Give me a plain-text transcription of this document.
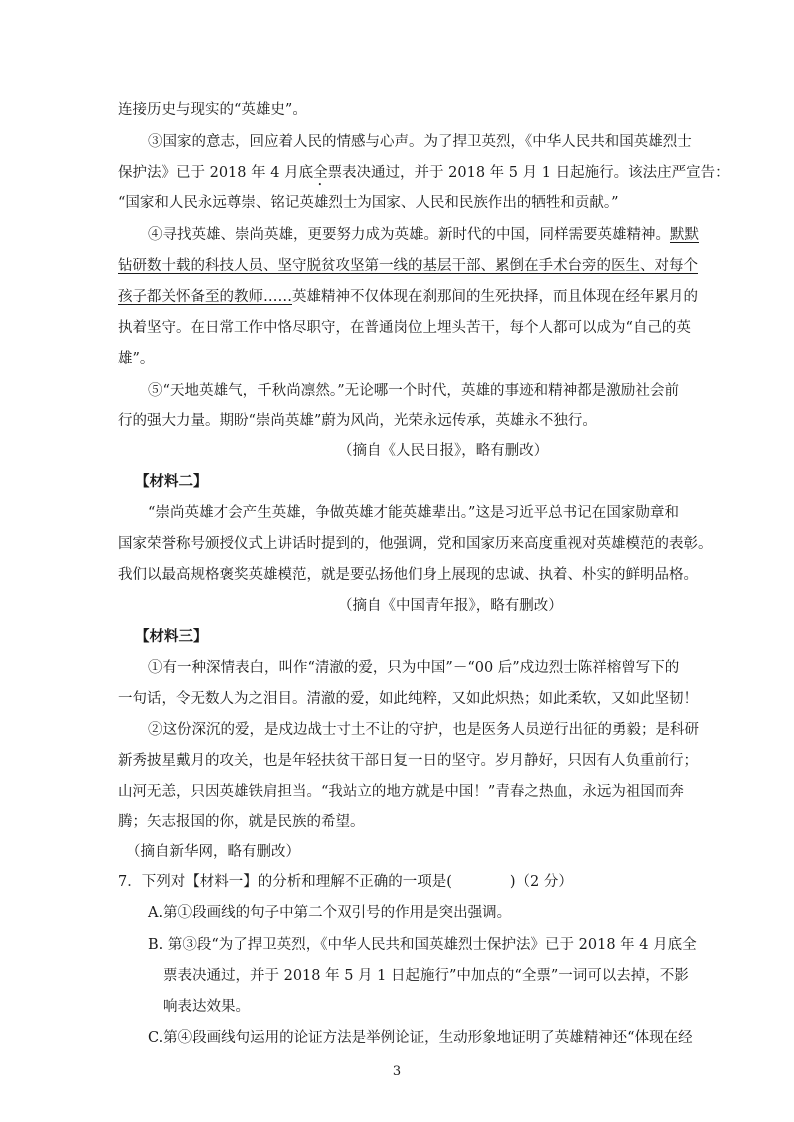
连接历史与现实的“英雄史”。
③国家的意志，回应着人民的情感与心声。为了捍卫英烈，《中华人民共和国英雄烈士
保护法》已于 2018 年 4 月底全票表决通过，并于 2018 年 5 月 1 日起施行。该法庄严宣告：
“国家和人民永远尊崇、铭记英雄烈士为国家、人民和民族作出的牺牲和贡献。”
④寻找英雄、崇尚英雄，更要努力成为英雄。新时代的中国，同样需要英雄精神。默默
钻研数十载的科技人员、坚守脱贫攻坚第一线的基层干部、累倒在手术台旁的医生、对每个
孩子都关怀备至的教师……英雄精神不仅体现在刹那间的生死抉择，而且体现在经年累月的
执着坚守。在日常工作中恪尽职守，在普通岗位上埋头苦干，每个人都可以成为“自己的英
雄”。
⑤“天地英雄气，千秋尚凛然。”无论哪一个时代，英雄的事迹和精神都是激励社会前
行的强大力量。期盼“崇尚英雄”蔚为风尚，光荣永远传承，英雄永不独行。
（摘自《人民日报》，略有删改）
【材料二】
“崇尚英雄才会产生英雄，争做英雄才能英雄辈出。”这是习近平总书记在国家勋章和
国家荣誉称号颁授仪式上讲话时提到的，他强调，党和国家历来高度重视对英雄模范的表彰。
我们以最高规格褒奖英雄模范，就是要弘扬他们身上展现的忠诚、执着、朴实的鲜明品格。
（摘自《中国青年报》，略有删改）
【材料三】
①有一种深情表白，叫作“清澈的爱，只为中国”－“00 后”戍边烈士陈祥榕曾写下的
一句话，令无数人为之泪目。清澈的爱，如此纯粹，又如此炽热；如此柔软，又如此坚韧！
②这份深沉的爱，是戍边战士寸土不让的守护，也是医务人员逆行出征的勇毅；是科研
新秀披星戴月的攻关，也是年轻扶贫干部日复一日的坚守。岁月静好，只因有人负重前行；
山河无恙，只因英雄铁肩担当。“我站立的地方就是中国！”青春之热血，永远为祖国而奔
腾；矢志报国的你，就是民族的希望。
（摘自新华网，略有删改）
7．下列对【材料一】的分析和理解不正确的一项是(　　　　)（2 分）
A.第①段画线的句子中第二个双引号的作用是突出强调。
B. 第③段“为了捍卫英烈，《中华人民共和国英雄烈士保护法》已于 2018 年 4 月底全
票表决通过，并于 2018 年 5 月 1 日起施行”中加点的“全票”一词可以去掉，不影
响表达效果。
C.第④段画线句运用的论证方法是举例论证，生动形象地证明了英雄精神还“体现在经
3
